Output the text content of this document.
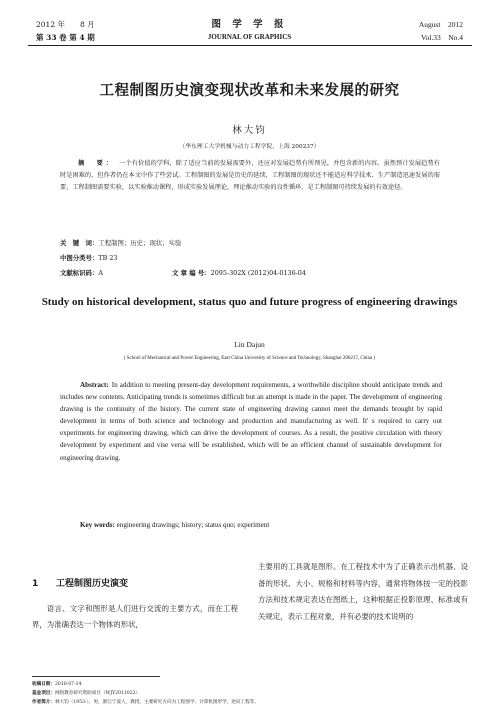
2012 年　　8 月
第 33 卷 第 4 期
图 学 学 报
JOURNAL OF GRAPHICS
August　2012
Vol.33　No.4
工程制图历史演变现状改革和未来发展的研究
林大钧
（华东理工大学机械与动力工程学院，上海 200237）
摘　要： 一个有价值的学科，除了适应当前的发展需要外，还应对发展趋势有所预见，并包含新的内容。虽然预计发展趋势有时是困难的，但作者仍在本文中作了些尝试。工程制图的发展是历史的延续，工程制图的现状还不能适应科学技术、生产制造迅速发展的需要，工程制图需要实验，以实验推动课程，形成实验发展理论，理论推动实验的良性循环，是工程制图可持续发展的有效途径。
关　键　词：工程制图；历史；现状；实验
中图分类号：TB 23
文献标识码：A	文 章 编 号：2095-302X (2012)04-0136-04
Study on historical development, status quo and future progress of engineering drawings
Lin Dajun
( School of Mechanical and Power Engineering, East China University of Science and Technology, Shanghai 200237, China )
Abstract: In addition to meeting present-day development requirements, a worthwhile discipline should anticipate trends and includes new contents. Anticipating trends is sometimes difficult but an attempt is made in the paper. The development of engineering drawing is the continuity of the history. The current state of engineering drawing cannot meet the demands brought by rapid development in terms of both science and technology and production and manufacturing as well. It' s required to carry out experiments for engineering drawing, which can drive the development of courses. As a result, the positive circulation with theory development by experiment and vise versa will be established, which will be an efficient channel of sustainable development for engineering drawing.
Key words: engineering drawings; history; status quo; experiment
1 工程制图历史演变
语言、文字和图形是人们进行交流的主要方式，而在工程界，为准确表达一个物体的形状，
主要用的工具就是图形。在工程技术中为了正确表示出机器、设备的形状、大小、规格和材料等内容，通常将物体按一定的投影方法和技术规定表达在图纸上，这种根据正投影原理、标准或有关规定，表示工程对象，并有必要的技术说明的
收稿日期：2010-07-14
基金项目：网络教育研究资助项目（WJY2011022）
作者简介：林大钧（1953-），男，浙江宁波人，教授，主要研究方向为工程图学、计算机图形学，逆向工程等。
